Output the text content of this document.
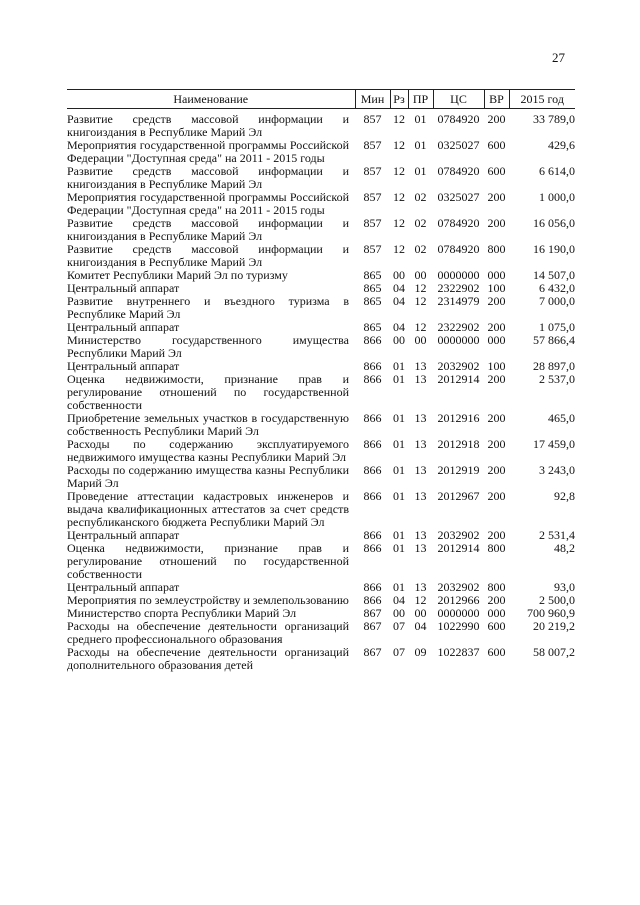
27
Наименование	Мин	Рз	ПР	ЦС	ВР	2015 год
Развитие средств массовой информации и книгоиздания в Республике Марий Эл	857	12	01	0784920	200	33 789,0
Мероприятия государственной программы Российской Федерации "Доступная среда" на 2011 - 2015 годы	857	12	01	0325027	600	429,6
Развитие средств массовой информации и книгоиздания в Республике Марий Эл	857	12	01	0784920	600	6 614,0
Мероприятия государственной программы Российской Федерации "Доступная среда" на 2011 - 2015 годы	857	12	02	0325027	200	1 000,0
Развитие средств массовой информации и книгоиздания в Республике Марий Эл	857	12	02	0784920	200	16 056,0
Развитие средств массовой информации и книгоиздания в Республике Марий Эл	857	12	02	0784920	800	16 190,0
Комитет Республики Марий Эл по туризму	865	00	00	0000000	000	14 507,0
Центральный аппарат	865	04	12	2322902	100	6 432,0
Развитие внутреннего и въездного туризма в Республике Марий Эл	865	04	12	2314979	200	7 000,0
Центральный аппарат	865	04	12	2322902	200	1 075,0
Министерство государственного имущества Республики Марий Эл	866	00	00	0000000	000	57 866,4
Центральный аппарат	866	01	13	2032902	100	28 897,0
Оценка недвижимости, признание прав и регулирование отношений по государственной собственности	866	01	13	2012914	200	2 537,0
Приобретение земельных участков в государственную собственность Республики Марий Эл	866	01	13	2012916	200	465,0
Расходы по содержанию эксплуатируемого недвижимого имущества казны Республики Марий Эл	866	01	13	2012918	200	17 459,0
Расходы по содержанию имущества казны Республики Марий Эл	866	01	13	2012919	200	3 243,0
Проведение аттестации кадастровых инженеров и выдача квалификационных аттестатов за счет средств республиканского бюджета Республики Марий Эл	866	01	13	2012967	200	92,8
Центральный аппарат	866	01	13	2032902	200	2 531,4
Оценка недвижимости, признание прав и регулирование отношений по государственной собственности	866	01	13	2012914	800	48,2
Центральный аппарат	866	01	13	2032902	800	93,0
Мероприятия по землеустройству и землепользованию	866	04	12	2012966	200	2 500,0
Министерство спорта Республики Марий Эл	867	00	00	0000000	000	700 960,9
Расходы на обеспечение деятельности организаций среднего профессионального образования	867	07	04	1022990	600	20 219,2
Расходы на обеспечение деятельности организаций дополнительного образования детей	867	07	09	1022837	600	58 007,2
